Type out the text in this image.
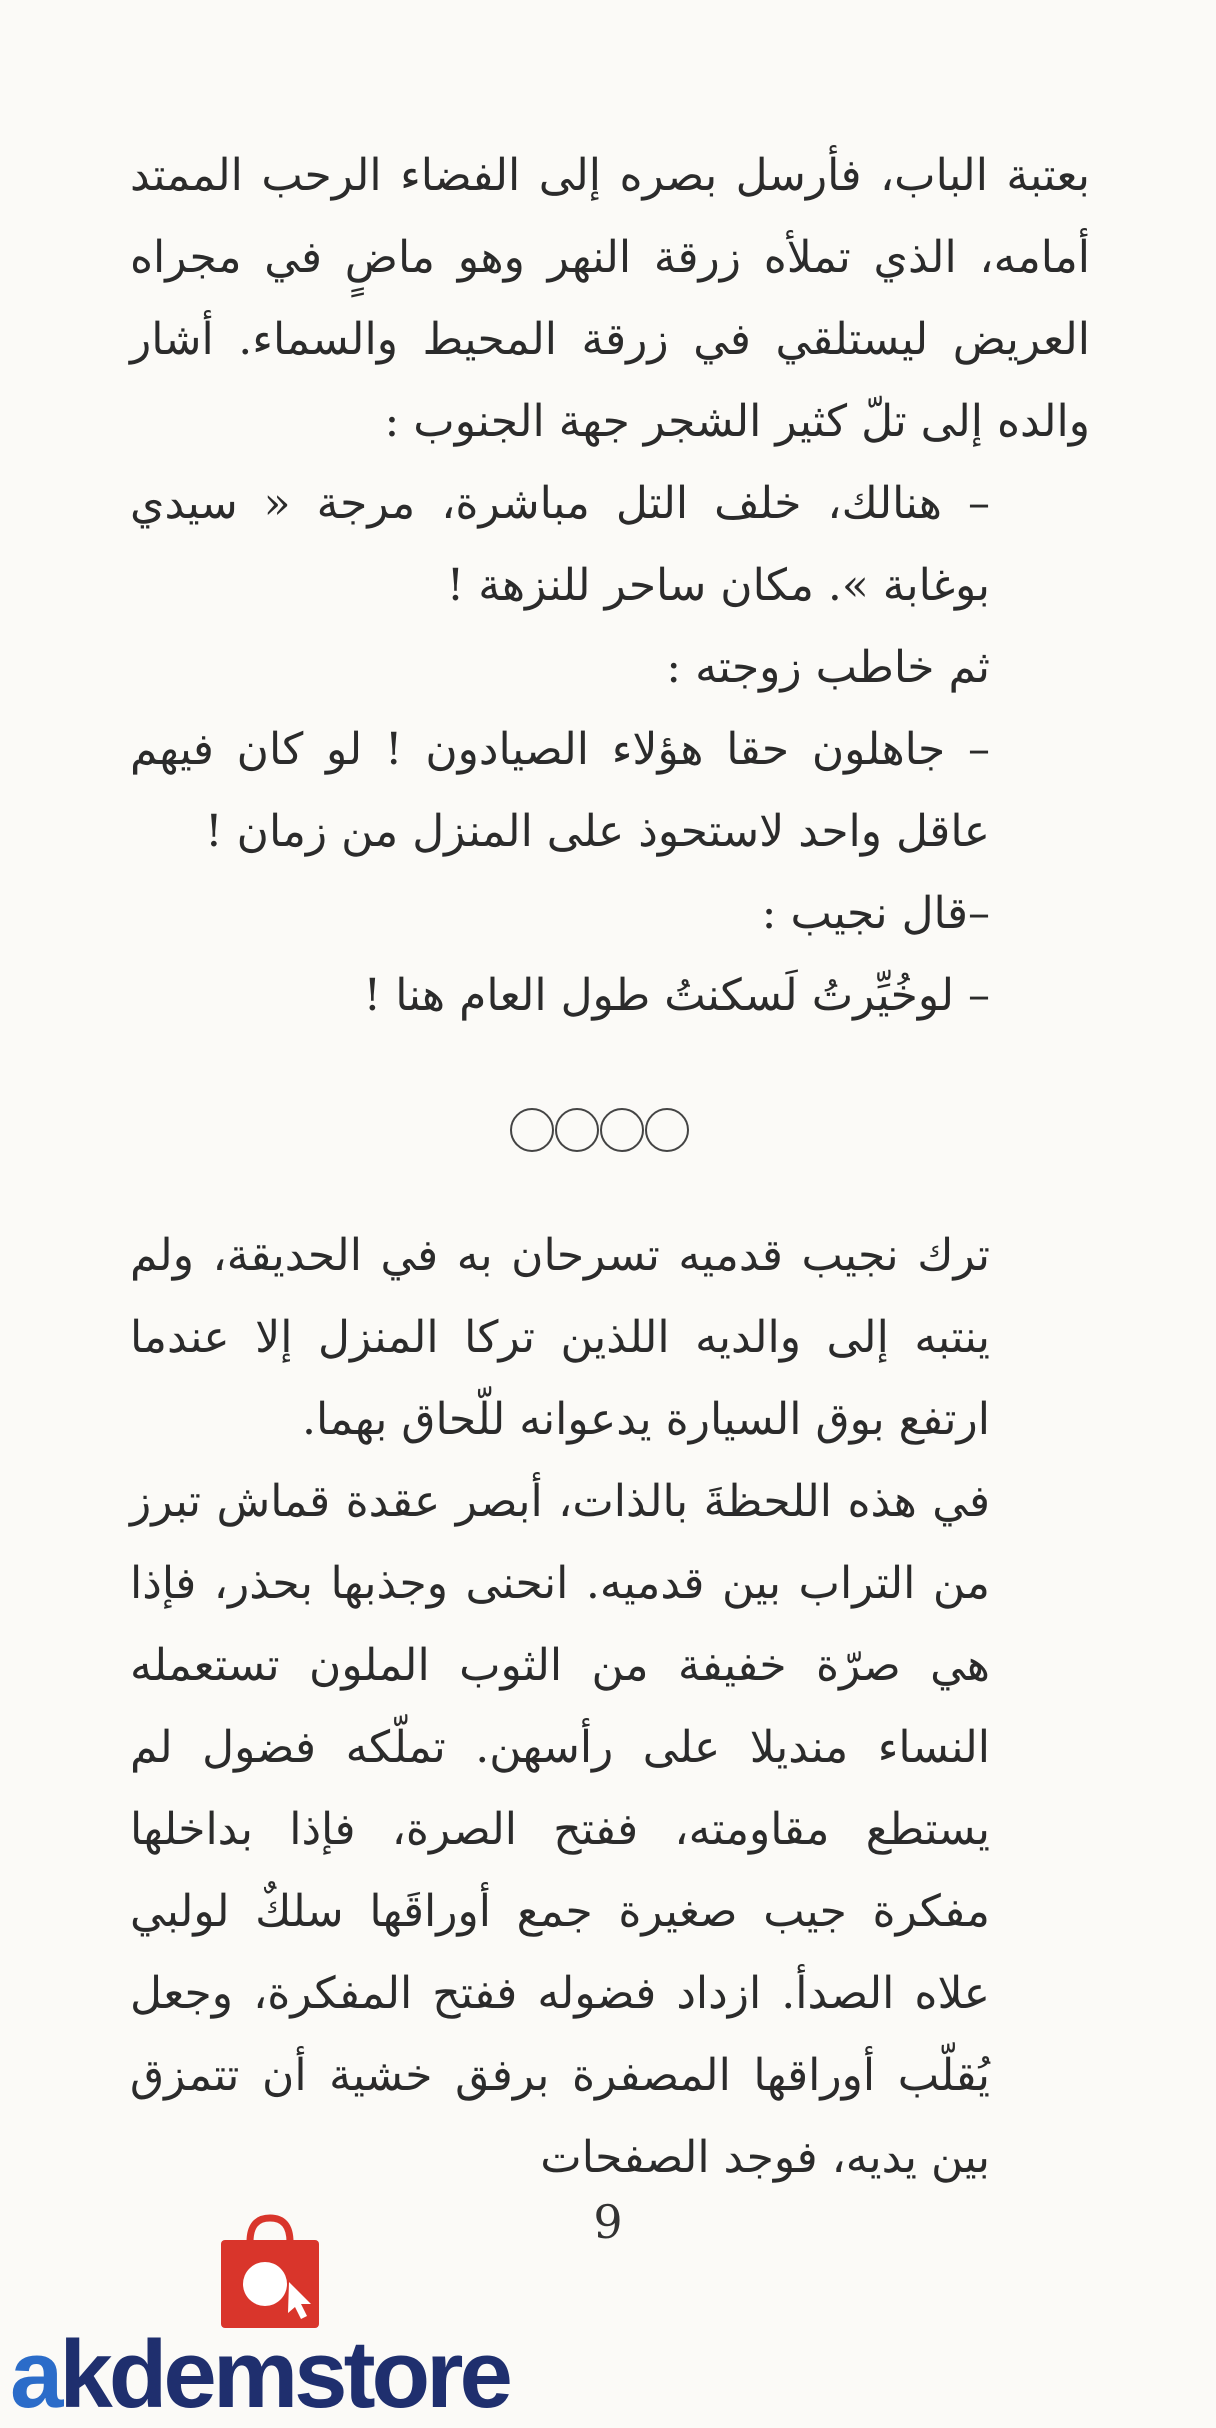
بعتبة الباب، فأرسل بصره إلى الفضاء الرحب الممتد أمامه، الذي تملأه زرقة النهر وهو ماضٍ في مجراه العريض ليستلقي في زرقة المحيط والسماء. أشار والده إلى تلّ كثير الشجر جهة الجنوب :

– هنالك، خلف التل مباشرة، مرجة « سيدي بوغابة ». مكان ساحر للنزهة !

ثم خاطب زوجته :

– جاهلون حقا هؤلاء الصيادون ! لو كان فيهم عاقل واحد لاستحوذ على المنزل من زمان !

–قال نجيب :

– لوخُيِّرتُ لَسكنتُ طول العام هنا !

ترك نجيب قدميه تسرحان به في الحديقة، ولم ينتبه إلى والديه اللذين تركا المنزل إلا عندما ارتفع بوق السيارة يدعوانه للّحاق بهما.

في هذه اللحظةَ بالذات، أبصر عقدة قماش تبرز من التراب بين قدميه. انحنى وجذبها بحذر، فإذا هي صرّة خفيفة من الثوب الملون تستعمله النساء منديلا على رأسهن. تملّكه فضول لم يستطع مقاومته، ففتح الصرة، فإذا بداخلها مفكرة جيب صغيرة جمع أوراقَها سلكٌ لولبي علاه الصدأ. ازداد فضوله ففتح المفكرة، وجعل يُقلّب أوراقها المصفرة برفق خشية أن تتمزق بين يديه، فوجد الصفحات

9
akdemstore
